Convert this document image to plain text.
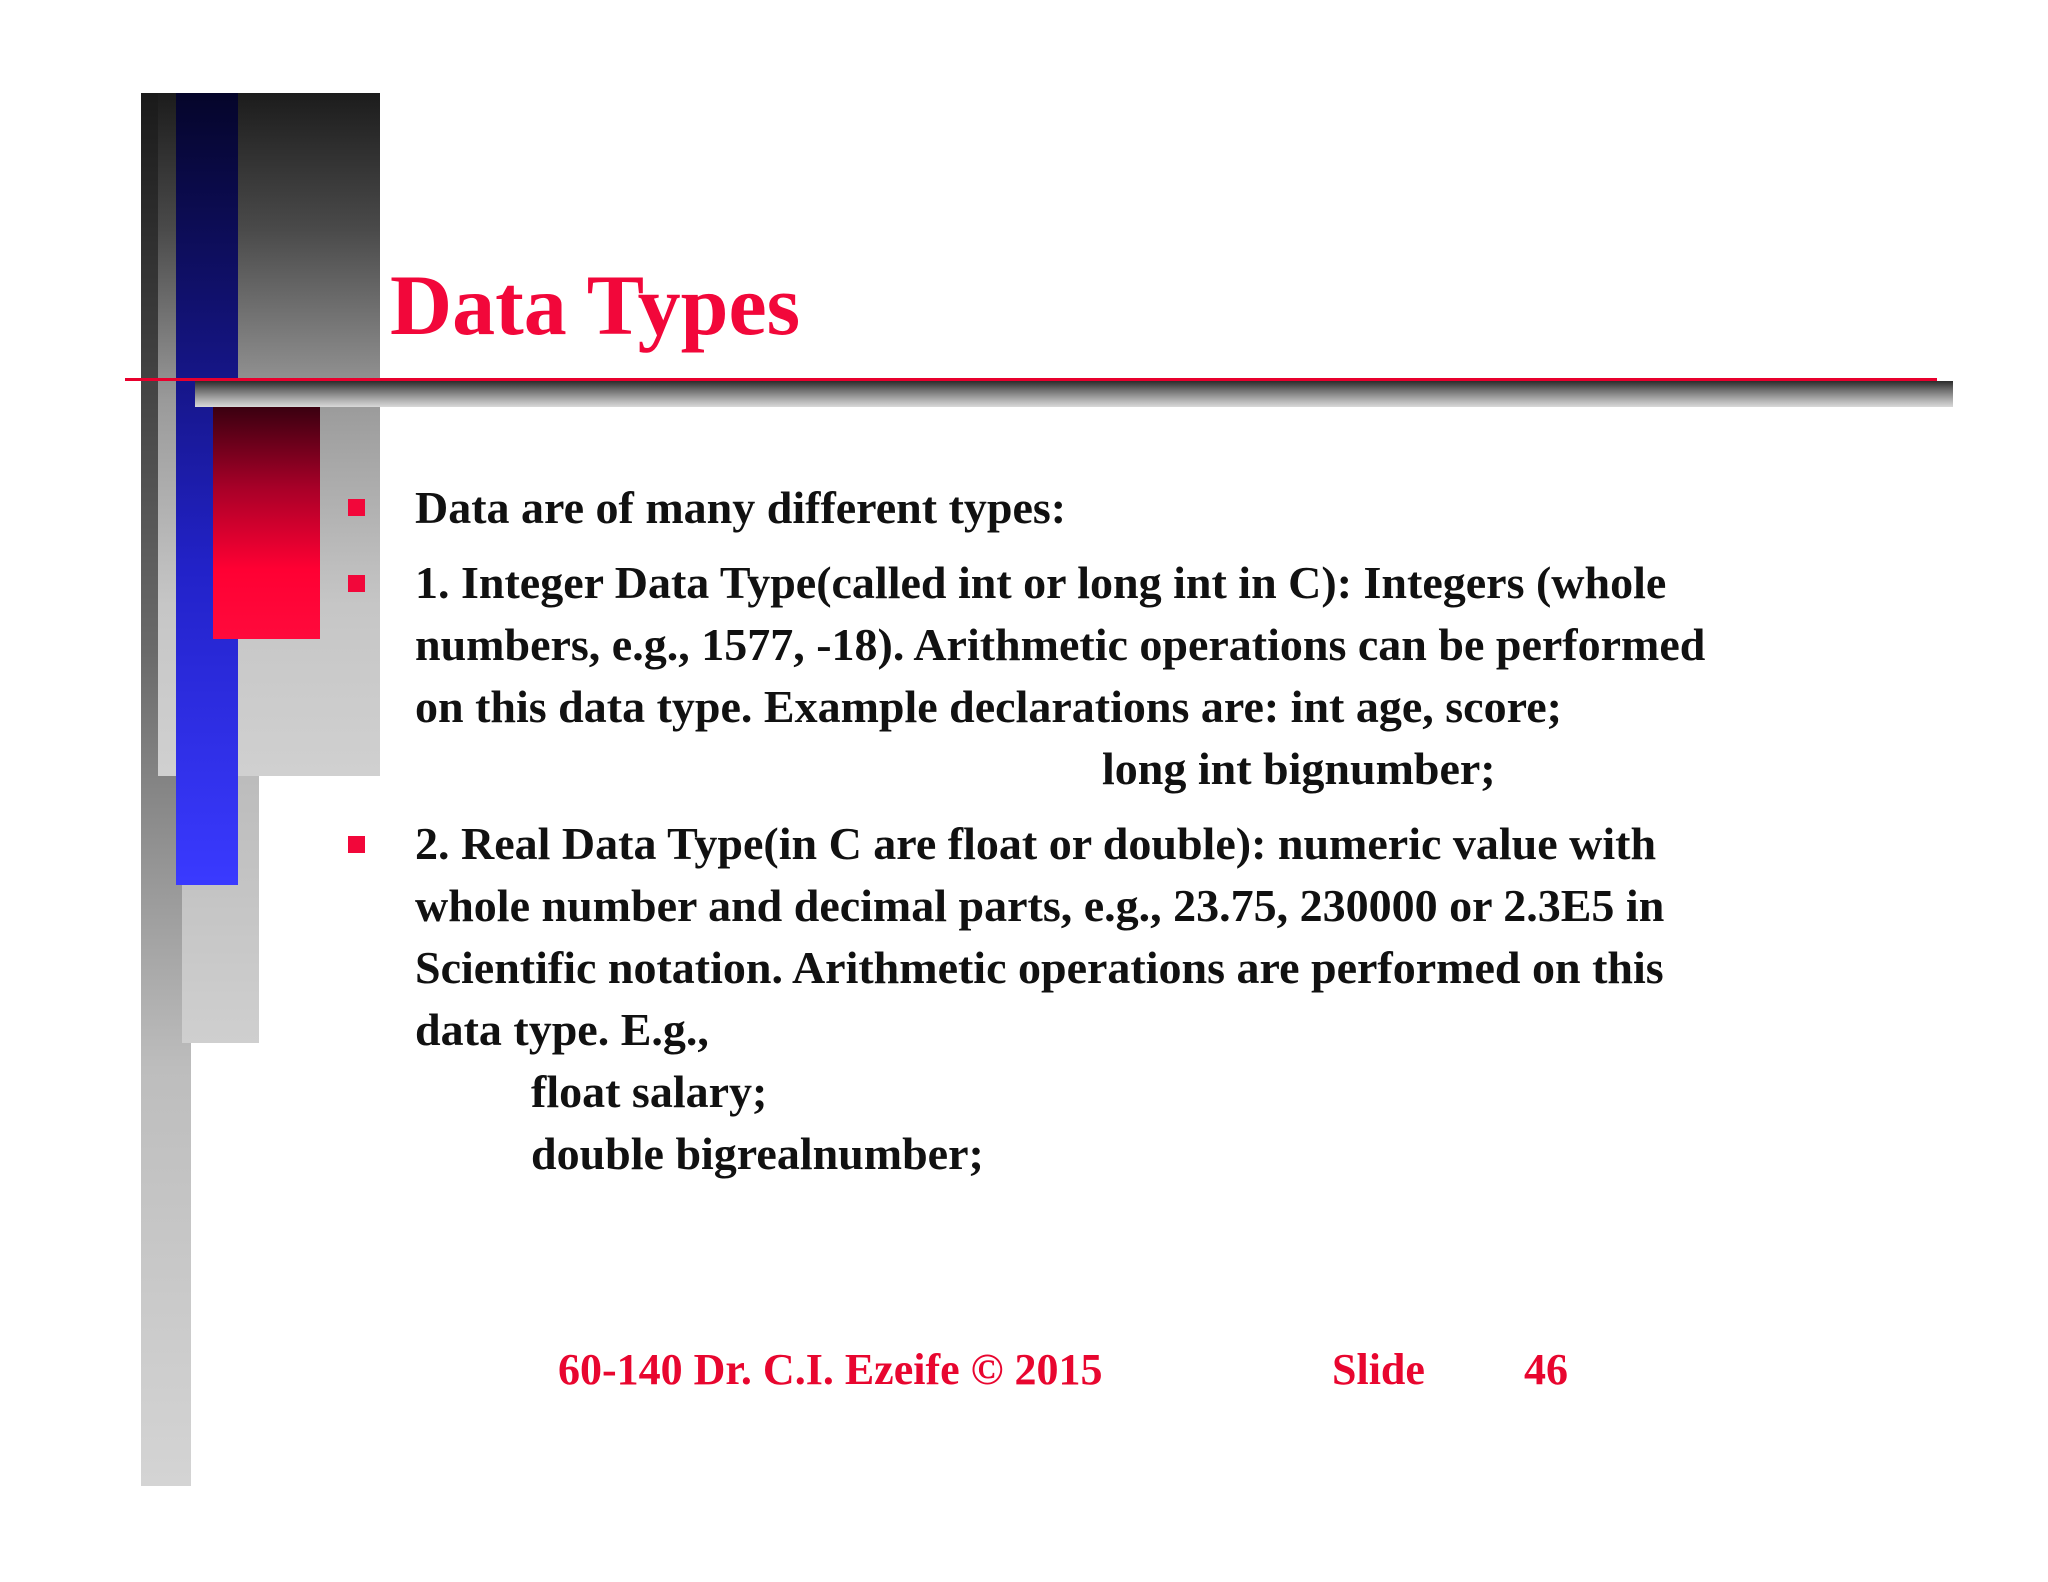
Data Types
Data are of many different types:
1. Integer Data Type(called int or long int in C): Integers (whole
numbers, e.g., 1577, -18). Arithmetic operations can be performed
on this data type. Example declarations are: int age, score;
long int bignumber;
2. Real Data Type(in C are float or double): numeric value with
whole number and decimal parts, e.g., 23.75, 230000 or 2.3E5 in
Scientific notation. Arithmetic operations are performed on this
data type. E.g.,
float salary;
double bigrealnumber;
60-140 Dr. C.I. Ezeife © 2015	Slide 46
